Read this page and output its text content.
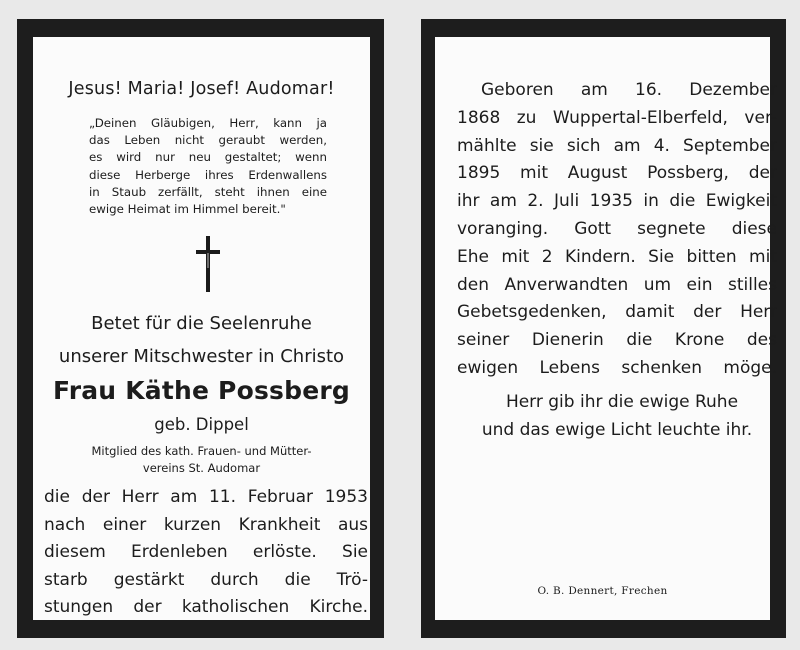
Jesus! Maria! Josef! Audomar!
„Deinen Gläubigen, Herr, kann ja
das Leben nicht geraubt werden,
es wird nur neu gestaltet; wenn
diese Herberge ihres Erdenwallens
in Staub zerfällt, steht ihnen eine
ewige Heimat im Himmel bereit."
Betet für die Seelenruhe
unserer Mitschwester in Christo
Frau Käthe Possberg
geb. Dippel
Mitglied des kath. Frauen- und Mütter-
vereins St. Audomar
die der Herr am 11. Februar 1953
nach einer kurzen Krankheit aus
diesem Erdenleben erlöste. Sie
starb gestärkt durch die Trö-
stungen der katholischen Kirche.
Geboren am 16. Dezember
1868 zu Wuppertal-Elberfeld, ver-
mählte sie sich am 4. September
1895 mit August Possberg, der
ihr am 2. Juli 1935 in die Ewigkeit
voranging. Gott segnete diese
Ehe mit 2 Kindern. Sie bitten mit
den Anverwandten um ein stilles
Gebetsgedenken, damit der Herr
seiner Dienerin die Krone des
ewigen Lebens schenken möge.
Herr gib ihr die ewige Ruhe
und das ewige Licht leuchte ihr.
O. B. Dennert, Frechen
